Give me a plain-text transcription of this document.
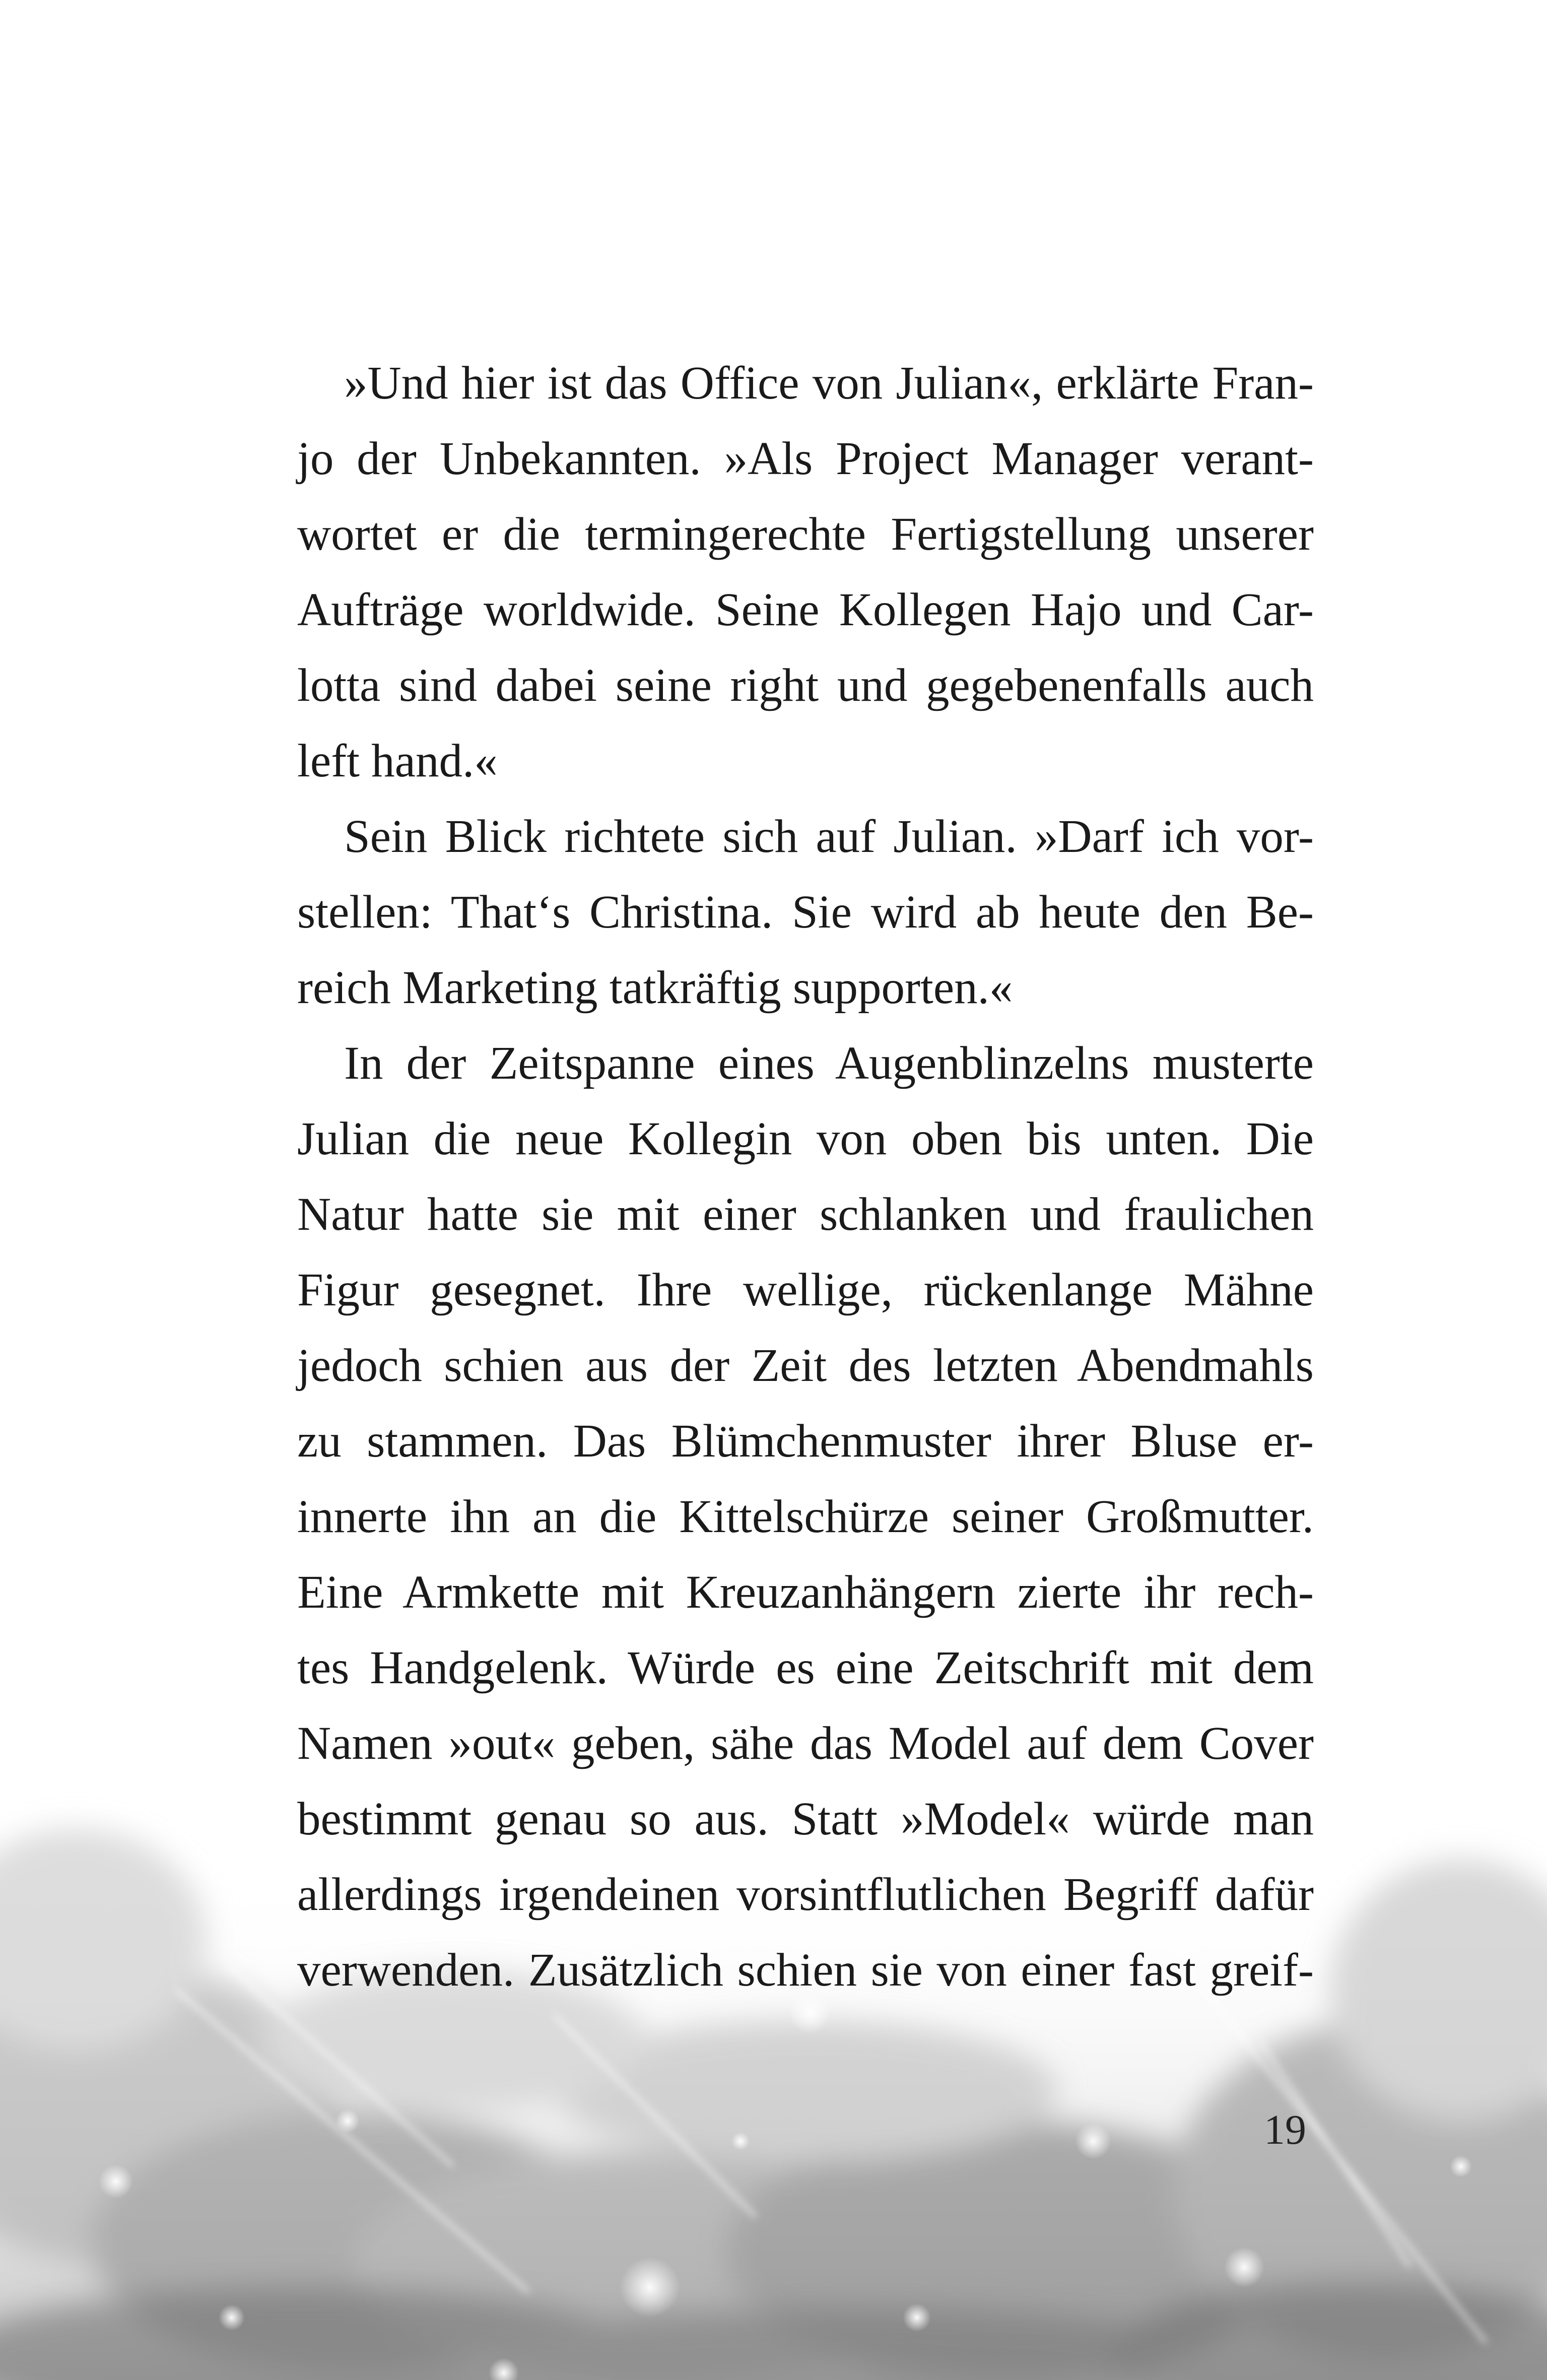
»Und hier ist das Office von Julian«, erklärte Fran-
jo der Unbekannten. »Als Project Manager verant-
wortet er die termingerechte Fertigstellung unserer
Aufträge worldwide. Seine Kollegen Hajo und Car-
lotta sind dabei seine right und gegebenenfalls auch
left hand.«
Sein Blick richtete sich auf Julian. »Darf ich vor-
stellen: That‘s Christina. Sie wird ab heute den Be-
reich Marketing tatkräftig supporten.«
In der Zeitspanne eines Augenblinzelns musterte
Julian die neue Kollegin von oben bis unten. Die
Natur hatte sie mit einer schlanken und fraulichen
Figur gesegnet. Ihre wellige, rückenlange Mähne
jedoch schien aus der Zeit des letzten Abendmahls
zu stammen. Das Blümchenmuster ihrer Bluse er-
innerte ihn an die Kittelschürze seiner Großmutter.
Eine Armkette mit Kreuzanhängern zierte ihr rech-
tes Handgelenk. Würde es eine Zeitschrift mit dem
Namen »out« geben, sähe das Model auf dem Cover
bestimmt genau so aus. Statt »Model« würde man
allerdings irgendeinen vorsintflutlichen Begriff dafür
verwenden. Zusätzlich schien sie von einer fast greif-
19
